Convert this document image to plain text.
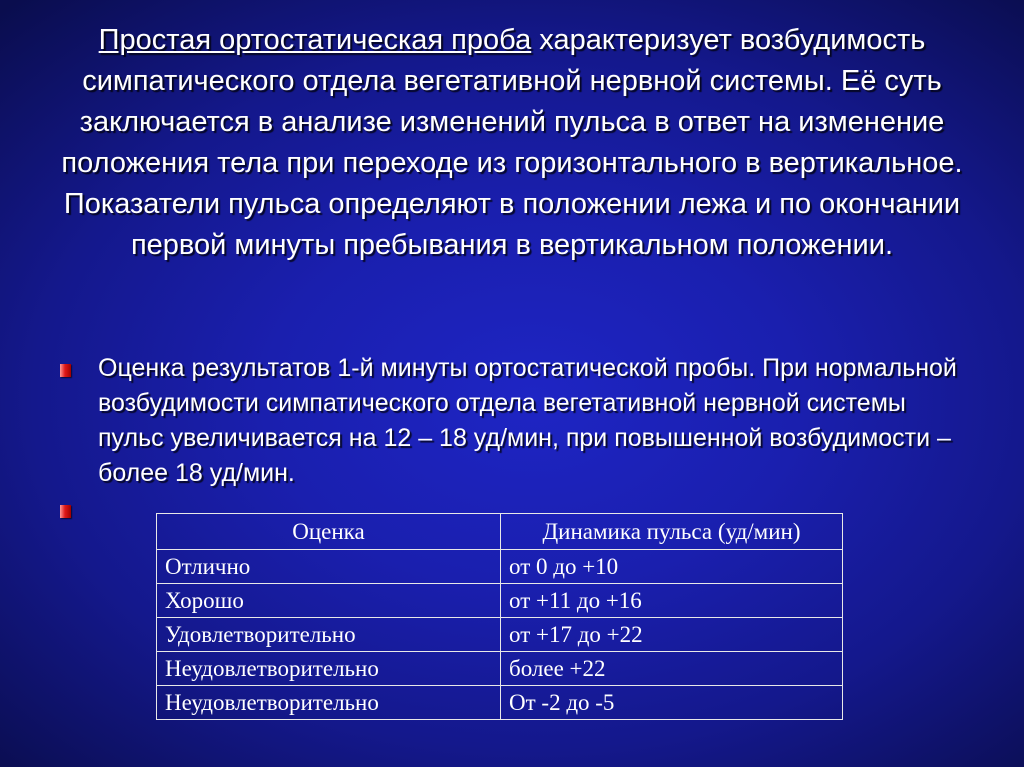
Простая ортостатическая проба характеризует возбудимость симпатического отдела вегетативной нервной системы. Её суть заключается в анализе изменений пульса в ответ на изменение положения тела при переходе из горизонтального в вертикальное. Показатели пульса определяют в положении лежа и по окончании первой минуты пребывания в вертикальном положении.
Оценка результатов 1-й минуты ортостатической пробы. При нормальной возбудимости симпатического отдела вегетативной нервной системы пульс увеличивается на 12 – 18 уд/мин, при повышенной возбудимости – более 18 уд/мин.
Оценка	Динамика пульса (уд/мин)
Отлично	от 0 до +10
Хорошо	от +11 до +16
Удовлетворительно	от +17 до +22
Неудовлетворительно	более +22
Неудовлетворительно	От -2 до -5
